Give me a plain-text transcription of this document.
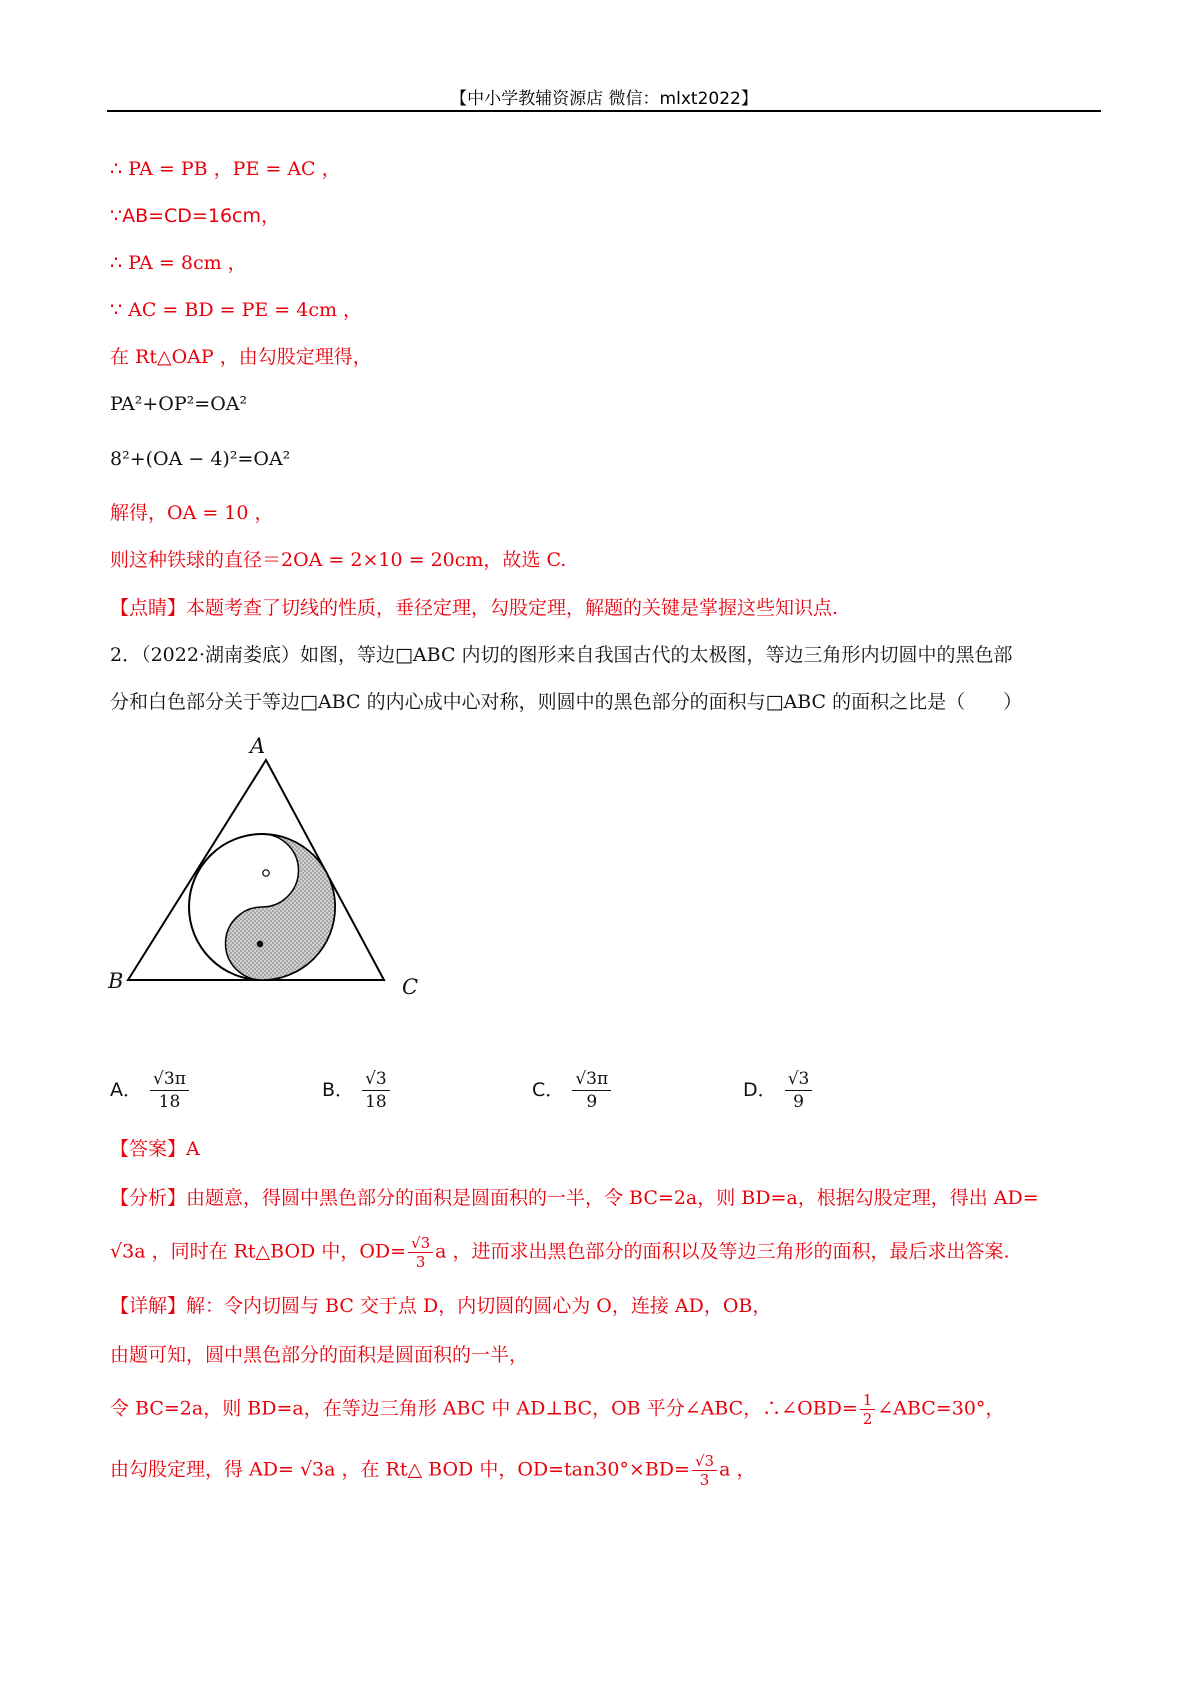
【中小学教辅资源店 微信：mlxt2022】
∴ PA = PB ，PE = AC ，
∵AB=CD=16cm，
∴ PA = 8cm ，
∵ AC = BD = PE = 4cm ，
在 Rt△OAP ，由勾股定理得，
PA²+OP²=OA²
8²+(OA − 4)²=OA²
解得，OA = 10 ，
则这种铁球的直径＝2OA = 2×10 = 20cm，故选 C.
【点睛】本题考查了切线的性质，垂径定理，勾股定理，解题的关键是掌握这些知识点.
2．（2022·湖南娄底）如图，等边□ABC 内切的图形来自我国古代的太极图，等边三角形内切圆中的黑色部
分和白色部分关于等边□ABC 的内心成中心对称，则圆中的黑色部分的面积与□ABC 的面积之比是（　　）
A
B	C
A． $\frac{√3\pi}{18}$	B． $\frac{√3}{18}$	C． $\frac{√3\pi}{9}$	D． $\frac{√3}{9}$
【答案】A
【分析】由题意，得圆中黑色部分的面积是圆面积的一半，令 BC=2a，则 BD=a，根据勾股定理，得出 AD=
√3a ，同时在 Rt△BOD 中，$OD= \frac{√3}{3}$ a ，进而求出黑色部分的面积以及等边三角形的面积，最后求出答案.
【详解】解：令内切圆与 BC 交于点 D，内切圆的圆心为 O，连接 AD，OB，
由题可知，圆中黑色部分的面积是圆面积的一半，
令 BC=2a，则 BD=a，在等边三角形 ABC 中 AD⊥BC，OB 平分∠ABC，∴∠OBD= $\frac{1}{2}$ ∠ABC=30°，
由勾股定理，得 AD= √3a ，在 Rt△ BOD 中，$OD=\tan 30^\circ\times BD= \frac{√3}{3}$ a ，
